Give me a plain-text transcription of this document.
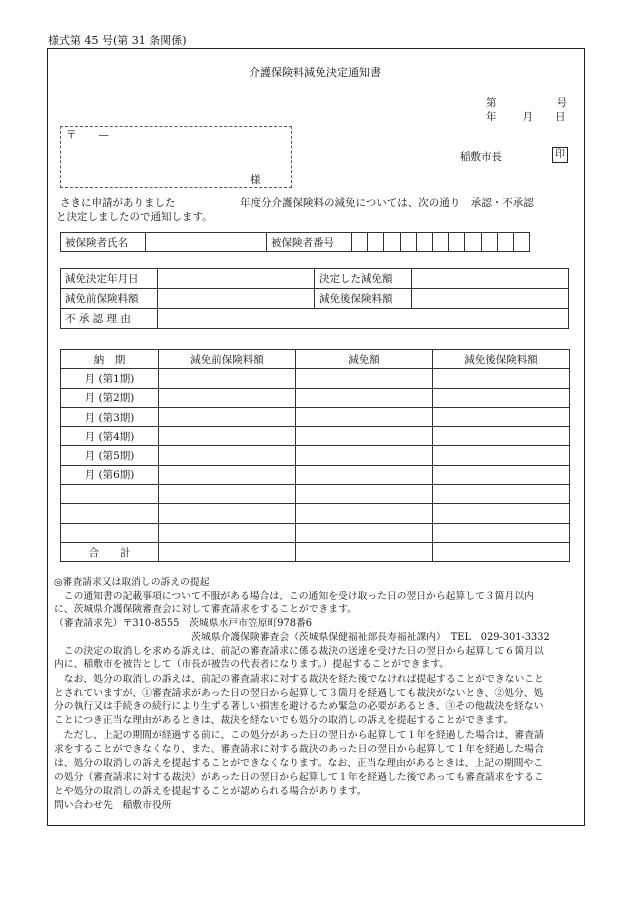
様式第 45 号(第 31 条関係)
介護保険料減免決定通知書
第	号
年 月 日
〒 —
様
稲敷市長	印
さきに申請がありました	年度分介護保険料の減免については、次の通り　承認・不承認
と決定しましたので通知します。
被保険者氏名		被保険者番号											
減免決定年月日		決定した減免額	
減免前保険料額		減免後保険料額	
不 承 認 理 由			
納　期	減免前保険料額	減免額	減免後保険料額
月 (第1期)			
月 (第2期)			
月 (第3期)			
月 (第4期)			
月 (第5期)			
月 (第6期)			

合　　計			
◎審査請求又は取消しの訴えの提起
　この通知書の記載事項について不服がある場合は、この通知を受け取った日の翌日から起算して３箇月以内
に、茨城県介護保険審査会に対して審査請求をすることができます。
（審査請求先）〒310-8555　茨城県水戸市笠原町978番6
　　　　　　　　　　　　　　茨城県介護保険審査会（茨城県保健福祉部長寿福祉課内）　TEL　029-301-3332
　この決定の取消しを求める訴えは、前記の審査請求に係る裁決の送達を受けた日の翌日から起算して６箇月以
内に、稲敷市を被告として（市長が被告の代表者になります。）提起することができます。
　なお、処分の取消しの訴えは、前記の審査請求に対する裁決を経た後でなければ提起することができないこと
とされていますが、①審査請求があった日の翌日から起算して３箇月を経過しても裁決がないとき、②処分、処
分の執行又は手続きの続行により生ずる著しい損害を避けるため緊急の必要があるとき、③その他裁決を経ない
ことにつき正当な理由があるときは、裁決を経ないでも処分の取消しの訴えを提起することができます。
　ただし、上記の期間が経過する前に、この処分があった日の翌日から起算して１年を経過した場合は、審査請
求をすることができなくなり、また、審査請求に対する裁決のあった日の翌日から起算して１年を経過した場合
は、処分の取消しの訴えを提起することができなくなります。なお、正当な理由があるときは、上記の期間やこ
の処分（審査請求に対する裁決）があった日の翌日から起算して１年を経過した後であっても審査請求をするこ
とや処分の取消しの訴えを提起することが認められる場合があります。
問い合わせ先　稲敷市役所
